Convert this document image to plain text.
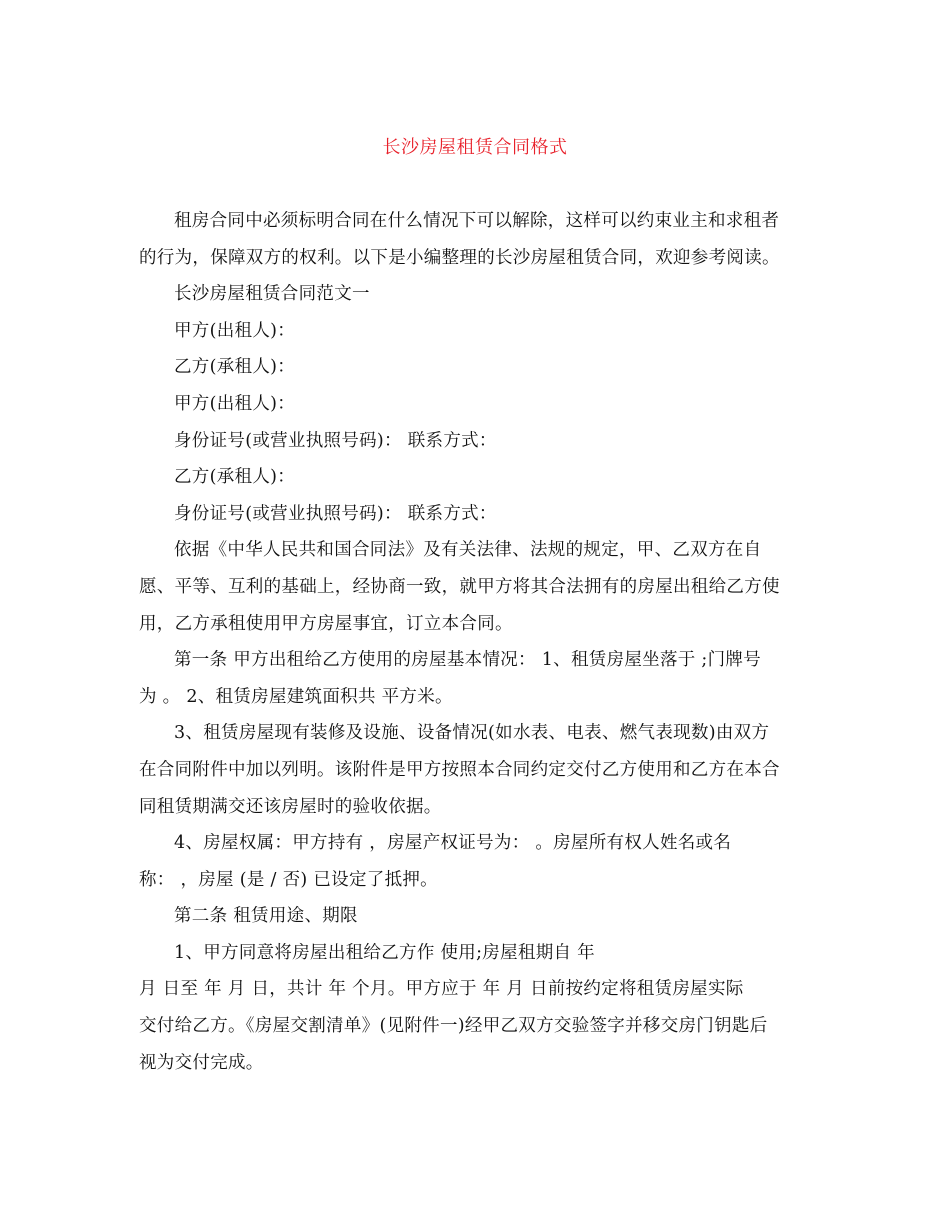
长沙房屋租赁合同格式
租房合同中必须标明合同在什么情况下可以解除，这样可以约束业主和求租者
的行为，保障双方的权利。以下是小编整理的长沙房屋租赁合同，欢迎参考阅读。

长沙房屋租赁合同范文一

甲方(出租人)：

乙方(承租人)：

甲方(出租人)：

身份证号(或营业执照号码)： 联系方式：

乙方(承租人)：

身份证号(或营业执照号码)： 联系方式：

依据《中华人民共和国合同法》及有关法律、法规的规定，甲、乙双方在自
愿、平等、互利的基础上，经协商一致，就甲方将其合法拥有的房屋出租给乙方使
用，乙方承租使用甲方房屋事宜，订立本合同。
第一条 甲方出租给乙方使用的房屋基本情况： 1、租赁房屋坐落于 ;门牌号
为 。 2、租赁房屋建筑面积共 平方米。
3、租赁房屋现有装修及设施、设备情况(如水表、电表、燃气表现数)由双方
在合同附件中加以列明。该附件是甲方按照本合同约定交付乙方使用和乙方在本合
同租赁期满交还该房屋时的验收依据。
4、房屋权属：甲方持有 ，房屋产权证号为： 。房屋所有权人姓名或名
称： ，房屋 (是 / 否) 已设定了抵押。

第二条 租赁用途、期限

1、甲方同意将房屋出租给乙方作 使用;房屋租期自 年
月 日至 年 月 日，共计 年 个月。甲方应于 年 月 日前按约定将租赁房屋实际
交付给乙方。《房屋交割清单》(见附件一)经甲乙双方交验签字并移交房门钥匙后
视为交付完成。
